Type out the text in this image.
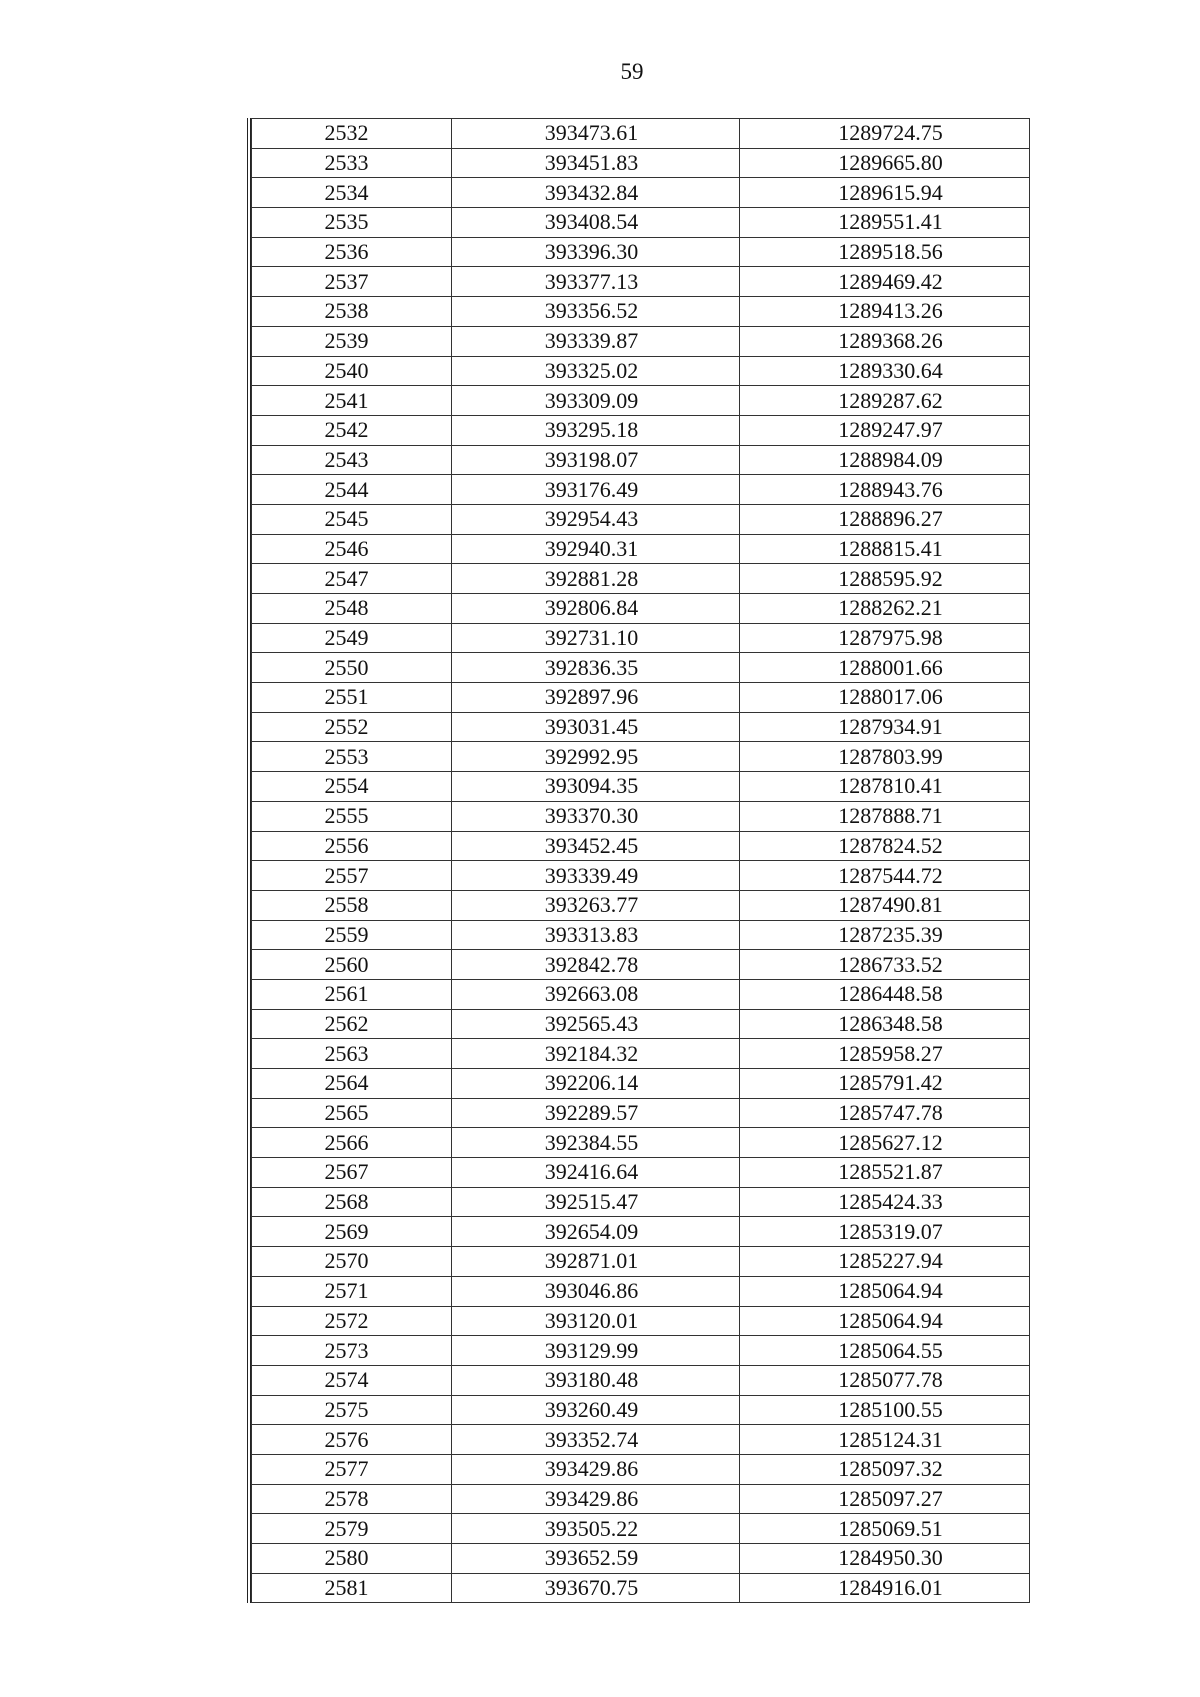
59
2532	393473.61	1289724.75
2533	393451.83	1289665.80
2534	393432.84	1289615.94
2535	393408.54	1289551.41
2536	393396.30	1289518.56
2537	393377.13	1289469.42
2538	393356.52	1289413.26
2539	393339.87	1289368.26
2540	393325.02	1289330.64
2541	393309.09	1289287.62
2542	393295.18	1289247.97
2543	393198.07	1288984.09
2544	393176.49	1288943.76
2545	392954.43	1288896.27
2546	392940.31	1288815.41
2547	392881.28	1288595.92
2548	392806.84	1288262.21
2549	392731.10	1287975.98
2550	392836.35	1288001.66
2551	392897.96	1288017.06
2552	393031.45	1287934.91
2553	392992.95	1287803.99
2554	393094.35	1287810.41
2555	393370.30	1287888.71
2556	393452.45	1287824.52
2557	393339.49	1287544.72
2558	393263.77	1287490.81
2559	393313.83	1287235.39
2560	392842.78	1286733.52
2561	392663.08	1286448.58
2562	392565.43	1286348.58
2563	392184.32	1285958.27
2564	392206.14	1285791.42
2565	392289.57	1285747.78
2566	392384.55	1285627.12
2567	392416.64	1285521.87
2568	392515.47	1285424.33
2569	392654.09	1285319.07
2570	392871.01	1285227.94
2571	393046.86	1285064.94
2572	393120.01	1285064.94
2573	393129.99	1285064.55
2574	393180.48	1285077.78
2575	393260.49	1285100.55
2576	393352.74	1285124.31
2577	393429.86	1285097.32
2578	393429.86	1285097.27
2579	393505.22	1285069.51
2580	393652.59	1284950.30
2581	393670.75	1284916.01
